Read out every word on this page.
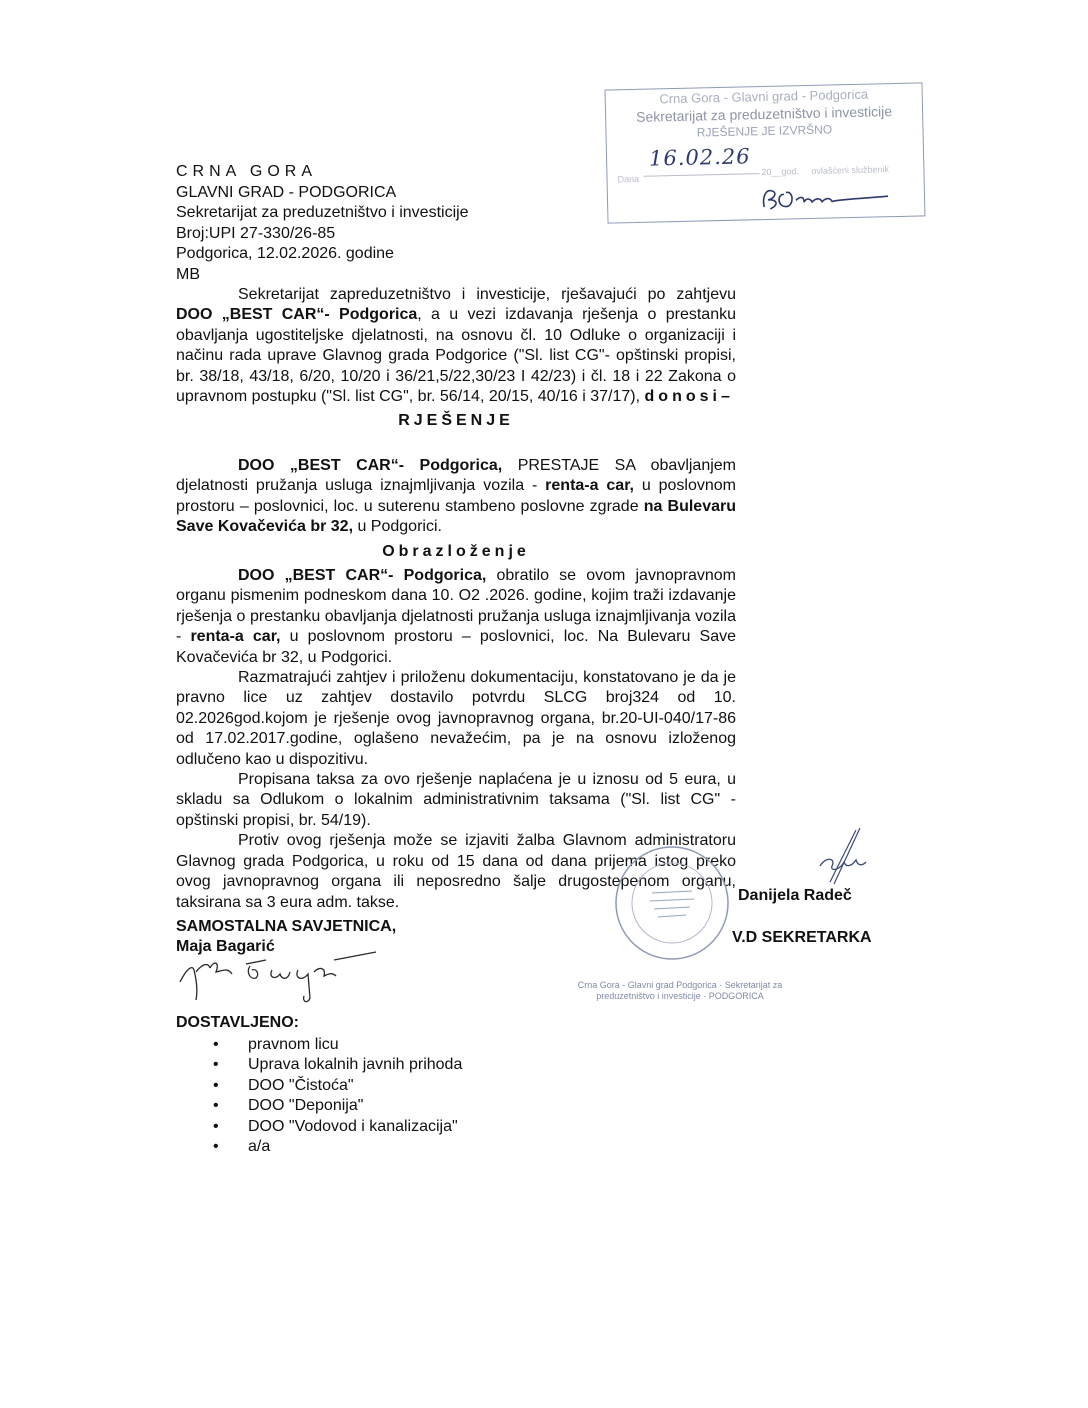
CRNA GORA
GLAVNI GRAD - PODGORICA
Sekretarijat za preduzetništvo i investicije
Broj:UPI 27-330/26-85
Podgorica, 12.02.2026. godine
MB
Crna Gora - Glavni grad - Podgorica
Sekretarijat za preduzetništvo i investicije
RJEŠENJE JE IZVRŠNO
16.02.26
Dana
20__god. ovlašćeni službenik
Sekretarijat zapreduzetništvo i investicije, rješavajući po zahtjevu DOO „BEST CAR“- Podgorica, a u vezi izdavanja rješenja o prestanku obavljanja ugostiteljske djelatnosti, na osnovu čl. 10 Odluke o organizaciji i načinu rada uprave Glavnog grada Podgorice ("Sl. list CG"- opštinski propisi, br. 38/18, 43/18, 6/20, 10/20 i 36/21,5/22,30/23 I 42/23) i čl. 18 i 22 Zakona o upravnom postupku ("Sl. list CG", br. 56/14, 20/15, 40/16 i 37/17), donosi–
RJEŠENJE
DOO „BEST CAR“- Podgorica, PRESTAJE SA obavljanjem djelatnosti pružanja usluga iznajmljivanja vozila - renta-a car, u poslovnom prostoru – poslovnici, loc. u suterenu stambeno poslovne zgrade na Bulevaru Save Kovačevića br 32, u Podgorici.
Obrazloženje
DOO „BEST CAR“- Podgorica, obratilo se ovom javnopravnom organu pismenim podneskom dana 10. O2 .2026. godine, kojim traži izdavanje rješenja o prestanku obavljanja djelatnosti pružanja usluga iznajmljivanja vozila - renta-a car, u poslovnom prostoru – poslovnici, loc. Na Bulevaru Save Kovačevića br 32, u Podgorici.
Razmatrajući zahtjev i priloženu dokumentaciju, konstatovano je da je pravno lice uz zahtjev dostavilo potvrdu SLCG broj324 od 10. 02.2026god.kojom je rješenje ovog javnopravnog organa, br.20-UI-040/17-86 od 17.02.2017.godine, oglašeno nevažećim, pa je na osnovu izloženog odlučeno kao u dispozitivu.
Propisana taksa za ovo rješenje naplaćena je u iznosu od 5 eura, u skladu sa Odlukom o lokalnim administrativnim taksama ("Sl. list CG" - opštinski propisi, br. 54/19).
Protiv ovog rješenja može se izjaviti žalba Glavnom administratoru Glavnog grada Podgorica, u roku od 15 dana od dana prijema istog preko ovog javnopravnog organa ili neposredno šalje drugostepenom organu, taksirana sa 3 eura adm. takse.
Crna Gora - Glavni grad Podgorica · Sekretarijat za preduzetništvo i investicije · PODGORICA
Danijela Radeč
V.D SEKRETARKA
SAMOSTALNA SAVJETNICA,
Maja Bagarić
DOSTAVLJENO:
• pravnom licu
• Uprava lokalnih javnih prihoda
• DOO "Čistoća"
• DOO "Deponija"
• DOO "Vodovod i kanalizacija"
• a/a
